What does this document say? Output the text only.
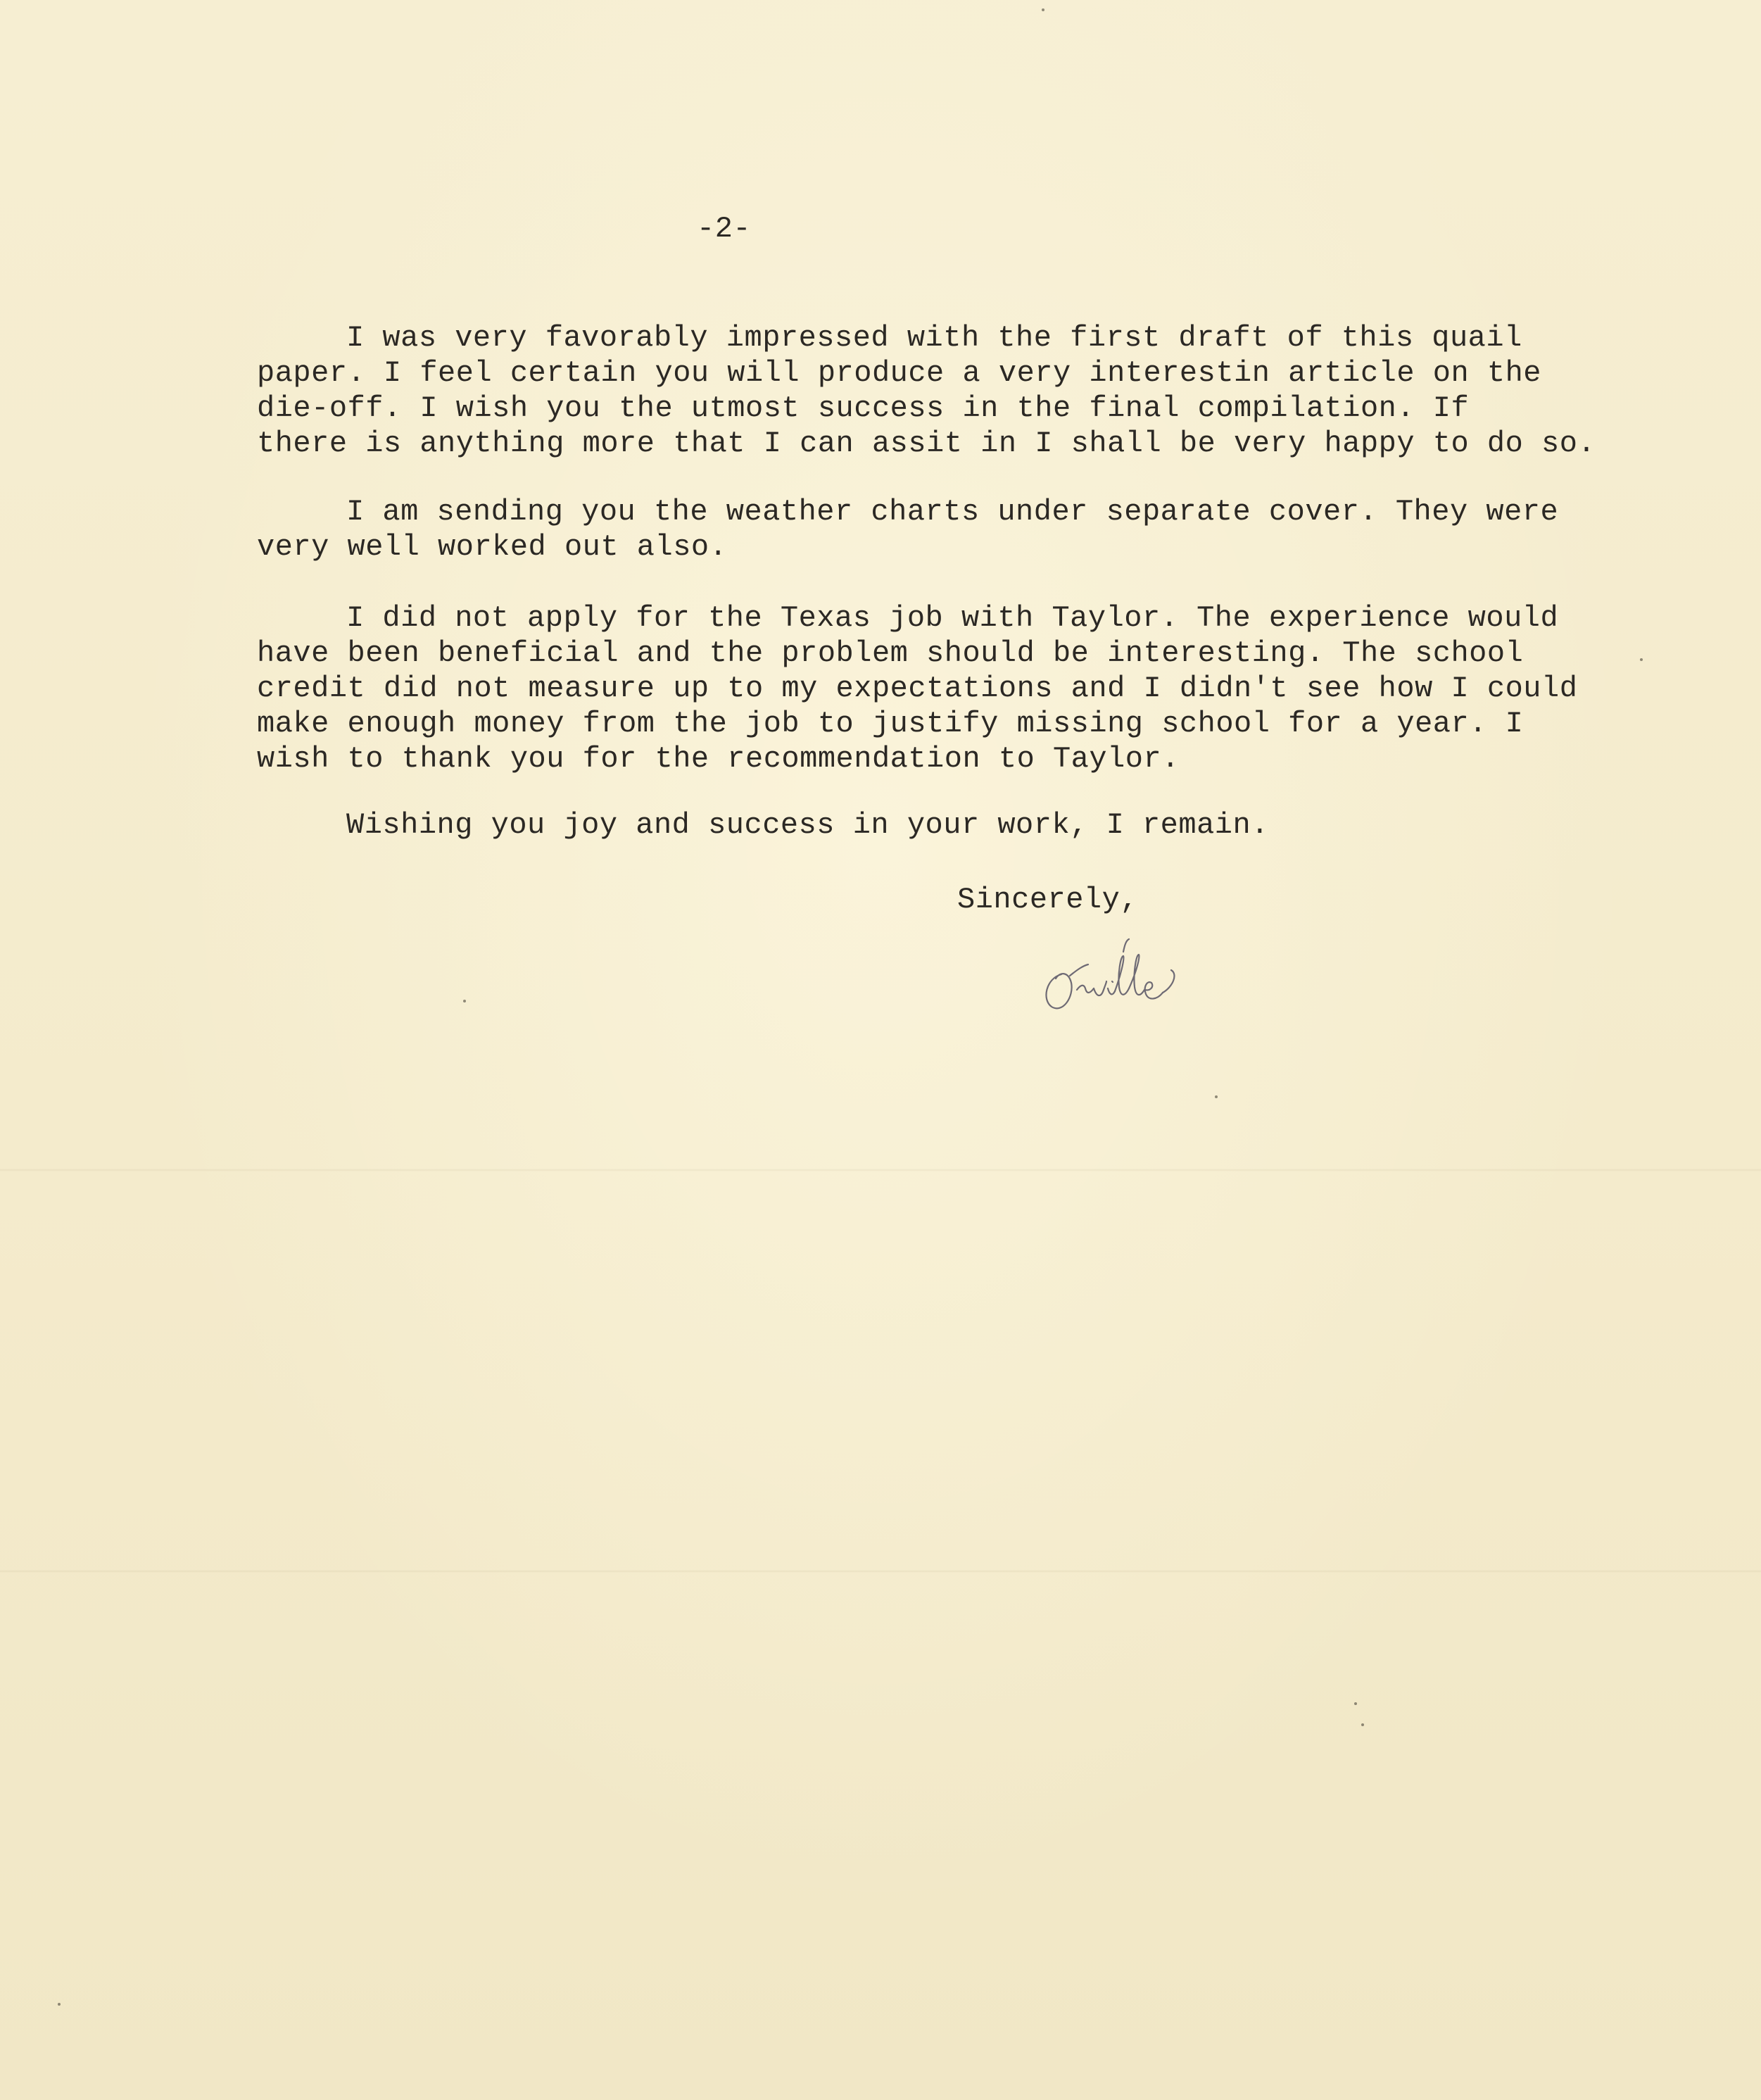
-2-

I was very favorably impressed with the first draft of this quail

paper. I feel certain you will produce a very interestin article on the

die-off. I wish you the utmost success in the final compilation. If

there is anything more that I can assit in I shall be very happy to do so.

I am sending you the weather charts under separate cover. They were

very well worked out also.

I did not apply for the Texas job with Taylor. The experience would

have been beneficial and the problem should be interesting. The school

credit did not measure up to my expectations and I didn't see how I could

make enough money from the job to justify missing school for a year. I

wish to thank you for the recommendation to Taylor.

Wishing you joy and success in your work, I remain.

Sincerely,
